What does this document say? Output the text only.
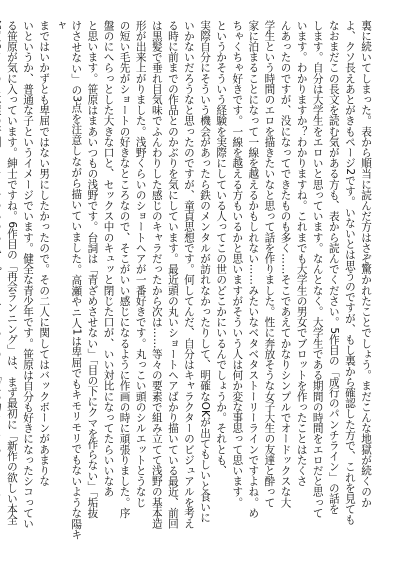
裏に続いてしまった。表から順当に読んだ方はさぞ驚かれたことでしょう。まだこんな地獄が続くのか
よ、クソ長えあとがきもページ2です。いないとは思うのですが、もし裏から確認した方で、これを見ても
なおまだこの長文を読む気がある方も、表から読んでください。5作目の「成行のパンチライン」の話を
します。自分は大学生をエロいと思っています。なんとなく。大学生である期間の時間をエロだと思って
います。わかりますか？わかりますね。これまでも大学生の男女でブロットを作ったことはたくさ
んあったのですが、没になってできたものも多く……そこであえてかなりシンプルでオードックスな大
学生という時間のエロを描きたいなと思って話を作りました。性に奔放そうな女子大生の友達と酔って
家に泊まることになって一線を越えるかもしれない……みたいなベタベタストーリーラインですよね。め
ちゃくちゃ好きです。一線を越える方もいるかと思いますがそういう人は何か変な事思って思います。
というかそういう経験を実際にしている人ってこの世のどこかにいるんでしょうか。それとも、
実際自分にそういう機会があったら鉄のメンタルが訪れなかったりして、明確なOKが出てもしいと食いに
いかないだろうなと思ったのですが、童貞思想です。何してんだ、自分はキャラクターのビジュアルを考え
る時に前までの作品とのかぶりを気にしています。最近頭の丸いショートヘアばかり描いている最近、前回
は黒髪で垂れ目気味でふんわりした感じのキャラだったから次は……等々の要素で組み立てて浅野の基本造
形が出来上がりました。浅野くらいのショートヘアが一番好きです。丸っこい頭のシルエットとうなじ
の短い毛先がショートの好きなところなので、そこがいい感じになるように作画の時に頑張りました。序
盤のにへらっとした大きな口と、セックス中のキュッと閉じた口が、いい対比になってたらいいなあ
と思います。笹原はまあいつもの浅野です。台詞は「青ざめさせない」「目の下にクマを作らない」「垢抜
けさせない」の3点を注意しながら描いていました。高瀬やニ人1は卑屈でもキモリモリでもないような陽キャ
まではいかずとも卑屈ではない男にしたかったので。その二人に関してはバックボーンがあまりな
いというか、普通な子というイメージでいます。健全な青少年です。笹原は自分も好きになったシコってい
る笹原が気に入っています。紳士ですね。6作目の「再会ランニング」は、まず最初に「新作の欲しい本全
